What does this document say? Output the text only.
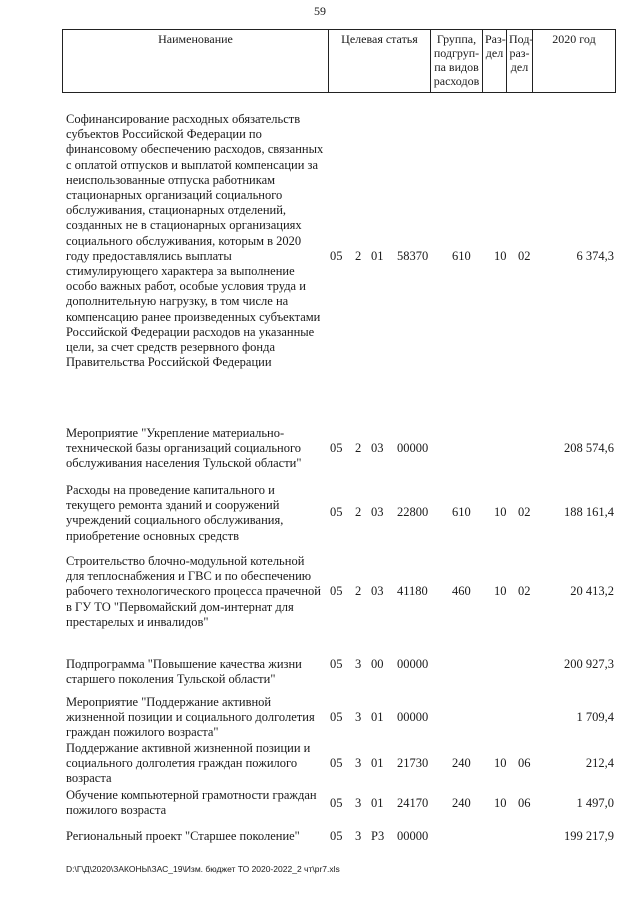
59
Наименование	Целевая статья	Группа, подгруп-па видов расходов	Раз-дел	Под-раз-дел	2020 год
Софинансирование расходных обязательств субъектов Российской Федерации по финансовому обеспечению расходов, связанных с оплатой отпусков и выплатой компенсации за неиспользованные отпуска работникам стационарных организаций социального обслуживания, стационарных отделений, созданных не в стационарных организациях социального обслуживания, которым в 2020 году предоставлялись выплаты стимулирующего характера за выполнение особо важных работ, особые условия труда и дополнительную нагрузку, в том числе на компенсацию ранее произведенных субъектами Российской Федерации расходов на указанные цели, за счет средств резервного фонда Правительства Российской Федерации
05 2 01 58370 610 10 02	6 374,3
Мероприятие "Укрепление материально-технической базы организаций социального обслуживания населения Тульской области"
05 2 03 00000	208 574,6
Расходы на проведение капитального и текущего ремонта зданий и сооружений учреждений социального обслуживания, приобретение основных средств
05 2 03 22800 610 10 02	188 161,4
Строительство блочно-модульной котельной для теплоснабжения и ГВС и по обеспечению рабочего технологического процесса прачечной в ГУ ТО "Первомайский дом-интернат для престарелых и инвалидов"
05 2 03 41180 460 10 02	20 413,2
Подпрограмма "Повышение качества жизни старшего поколения Тульской области"
05 3 00 00000	200 927,3
Мероприятие "Поддержание активной жизненной позиции и социального долголетия граждан пожилого возраста"
05 3 01 00000	1 709,4
Поддержание активной жизненной позиции и социального долголетия граждан пожилого возраста
05 3 01 21730 240 10 06	212,4
Обучение компьютерной грамотности граждан пожилого возраста
05 3 01 24170 240 10 06	1 497,0
Региональный проект "Старшее поколение"	05 3 P3 00000	199 217,9
D:\Г\Д\2020\ЗАКОНЫ\ЗАС_19\Изм. бюджет ТО 2020-2022_2 чт\pr7.xls
